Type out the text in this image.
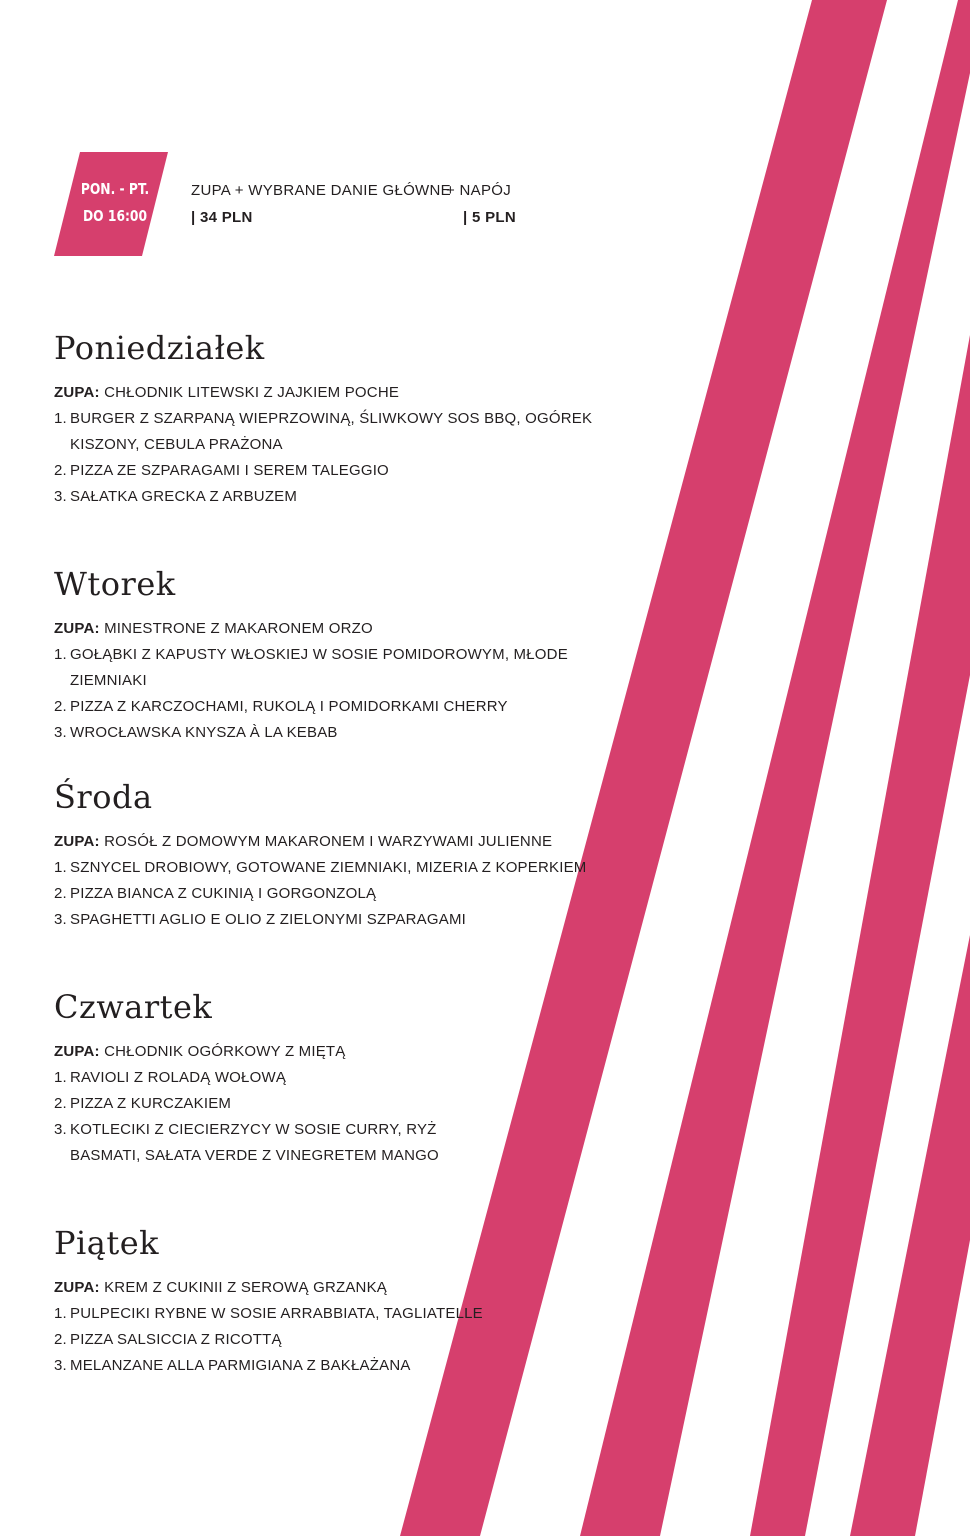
PON. - PT.
DO 16:00
ZUPA + WYBRANE DANIE GŁÓWNE
| 34 PLN
+ NAPÓJ
| 5 PLN
Poniedziałek
ZUPA: CHŁODNIK LITEWSKI Z JAJKIEM POCHE
1. BURGER Z SZARPANĄ WIEPRZOWINĄ, ŚLIWKOWY SOS BBQ, OGÓREK KISZONY, CEBULA PRAŻONA
2. PIZZA ZE SZPARAGAMI I SEREM TALEGGIO
3. SAŁATKA GRECKA Z ARBUZEM
Wtorek
ZUPA: MINESTRONE Z MAKARONEM ORZO
1. GOŁĄBKI Z KAPUSTY WŁOSKIEJ W SOSIE POMIDOROWYM, MŁODE ZIEMNIAKI
2. PIZZA Z KARCZOCHAMI, RUKOLĄ I POMIDORKAMI CHERRY
3. WROCŁAWSKA KNYSZA À LA KEBAB
Środa
ZUPA: ROSÓŁ Z DOMOWYM MAKARONEM I WARZYWAMI JULIENNE
1. SZNYCEL DROBIOWY, GOTOWANE ZIEMNIAKI, MIZERIA Z KOPERKIEM
2. PIZZA BIANCA Z CUKINIĄ I GORGONZOLĄ
3. SPAGHETTI AGLIO E OLIO Z ZIELONYMI SZPARAGAMI
Czwartek
ZUPA: CHŁODNIK OGÓRKOWY Z MIĘTĄ
1. RAVIOLI Z ROLADĄ WOŁOWĄ
2. PIZZA Z KURCZAKIEM
3. KOTLECIKI Z CIECIERZYCY W SOSIE CURRY, RYŻ BASMATI, SAŁATA VERDE Z VINEGRETEM MANGO
Piątek
ZUPA: KREM Z CUKINII Z SEROWĄ GRZANKĄ
1. PULPECIKI RYBNE W SOSIE ARRABBIATA, TAGLIATELLE
2. PIZZA SALSICCIA Z RICOTTĄ
3. MELANZANE ALLA PARMIGIANA Z BAKŁAŻANA
